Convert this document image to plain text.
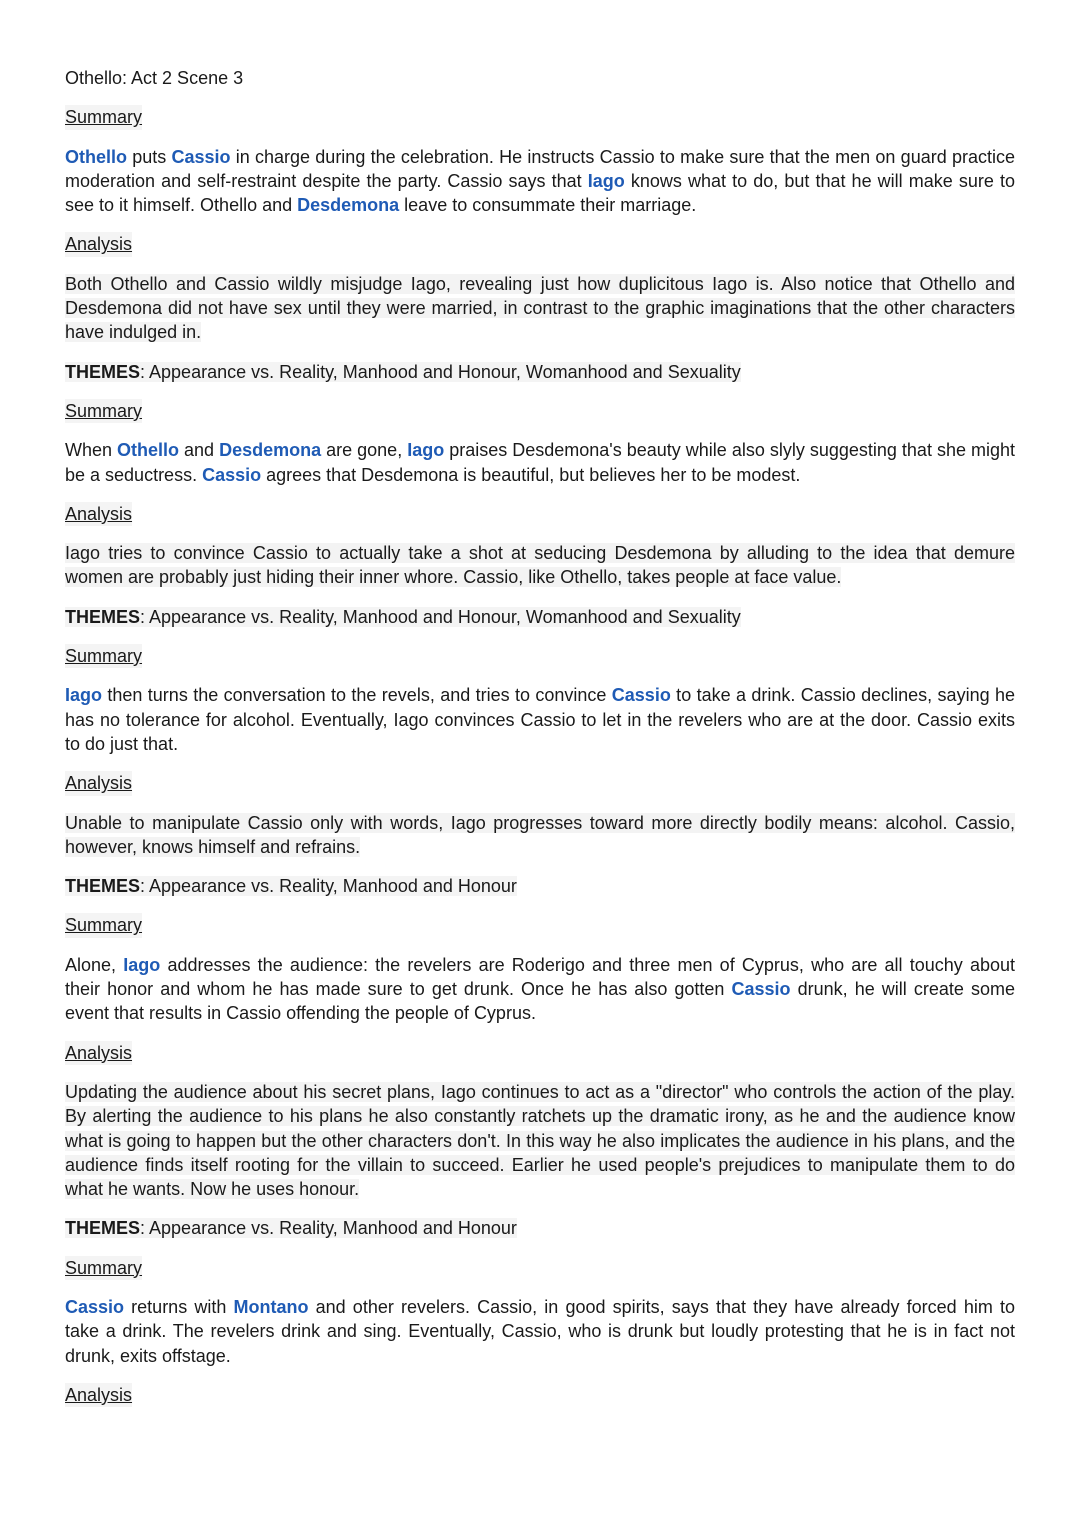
Othello: Act 2 Scene 3
Summary

Othello puts Cassio in charge during the celebration. He instructs Cassio to make sure that the men on guard practice moderation and self-restraint despite the party. Cassio says that Iago knows what to do, but that he will make sure to see to it himself. Othello and Desdemona leave to consummate their marriage.

Analysis

Both Othello and Cassio wildly misjudge Iago, revealing just how duplicitous Iago is. Also notice that Othello and Desdemona did not have sex until they were married, in contrast to the graphic imaginations that the other characters have indulged in.

THEMES: Appearance vs. Reality, Manhood and Honour, Womanhood and Sexuality
Summary

When Othello and Desdemona are gone, Iago praises Desdemona's beauty while also slyly suggesting that she might be a seductress. Cassio agrees that Desdemona is beautiful, but believes her to be modest.

Analysis

Iago tries to convince Cassio to actually take a shot at seducing Desdemona by alluding to the idea that demure women are probably just hiding their inner whore. Cassio, like Othello, takes people at face value.

THEMES: Appearance vs. Reality, Manhood and Honour, Womanhood and Sexuality
Summary

Iago then turns the conversation to the revels, and tries to convince Cassio to take a drink. Cassio declines, saying he has no tolerance for alcohol. Eventually, Iago convinces Cassio to let in the revelers who are at the door. Cassio exits to do just that.

Analysis

Unable to manipulate Cassio only with words, Iago progresses toward more directly bodily means: alcohol. Cassio, however, knows himself and refrains.

THEMES: Appearance vs. Reality, Manhood and Honour
Summary

Alone, Iago addresses the audience: the revelers are Roderigo and three men of Cyprus, who are all touchy about their honor and whom he has made sure to get drunk. Once he has also gotten Cassio drunk, he will create some event that results in Cassio offending the people of Cyprus.

Analysis

Updating the audience about his secret plans, Iago continues to act as a "director" who controls the action of the play. By alerting the audience to his plans he also constantly ratchets up the dramatic irony, as he and the audience know what is going to happen but the other characters don't. In this way he also implicates the audience in his plans, and the audience finds itself rooting for the villain to succeed. Earlier he used people's prejudices to manipulate them to do what he wants. Now he uses honour.

THEMES: Appearance vs. Reality, Manhood and Honour
Summary

Cassio returns with Montano and other revelers. Cassio, in good spirits, says that they have already forced him to take a drink. The revelers drink and sing. Eventually, Cassio, who is drunk but loudly protesting that he is in fact not drunk, exits offstage.

Analysis
